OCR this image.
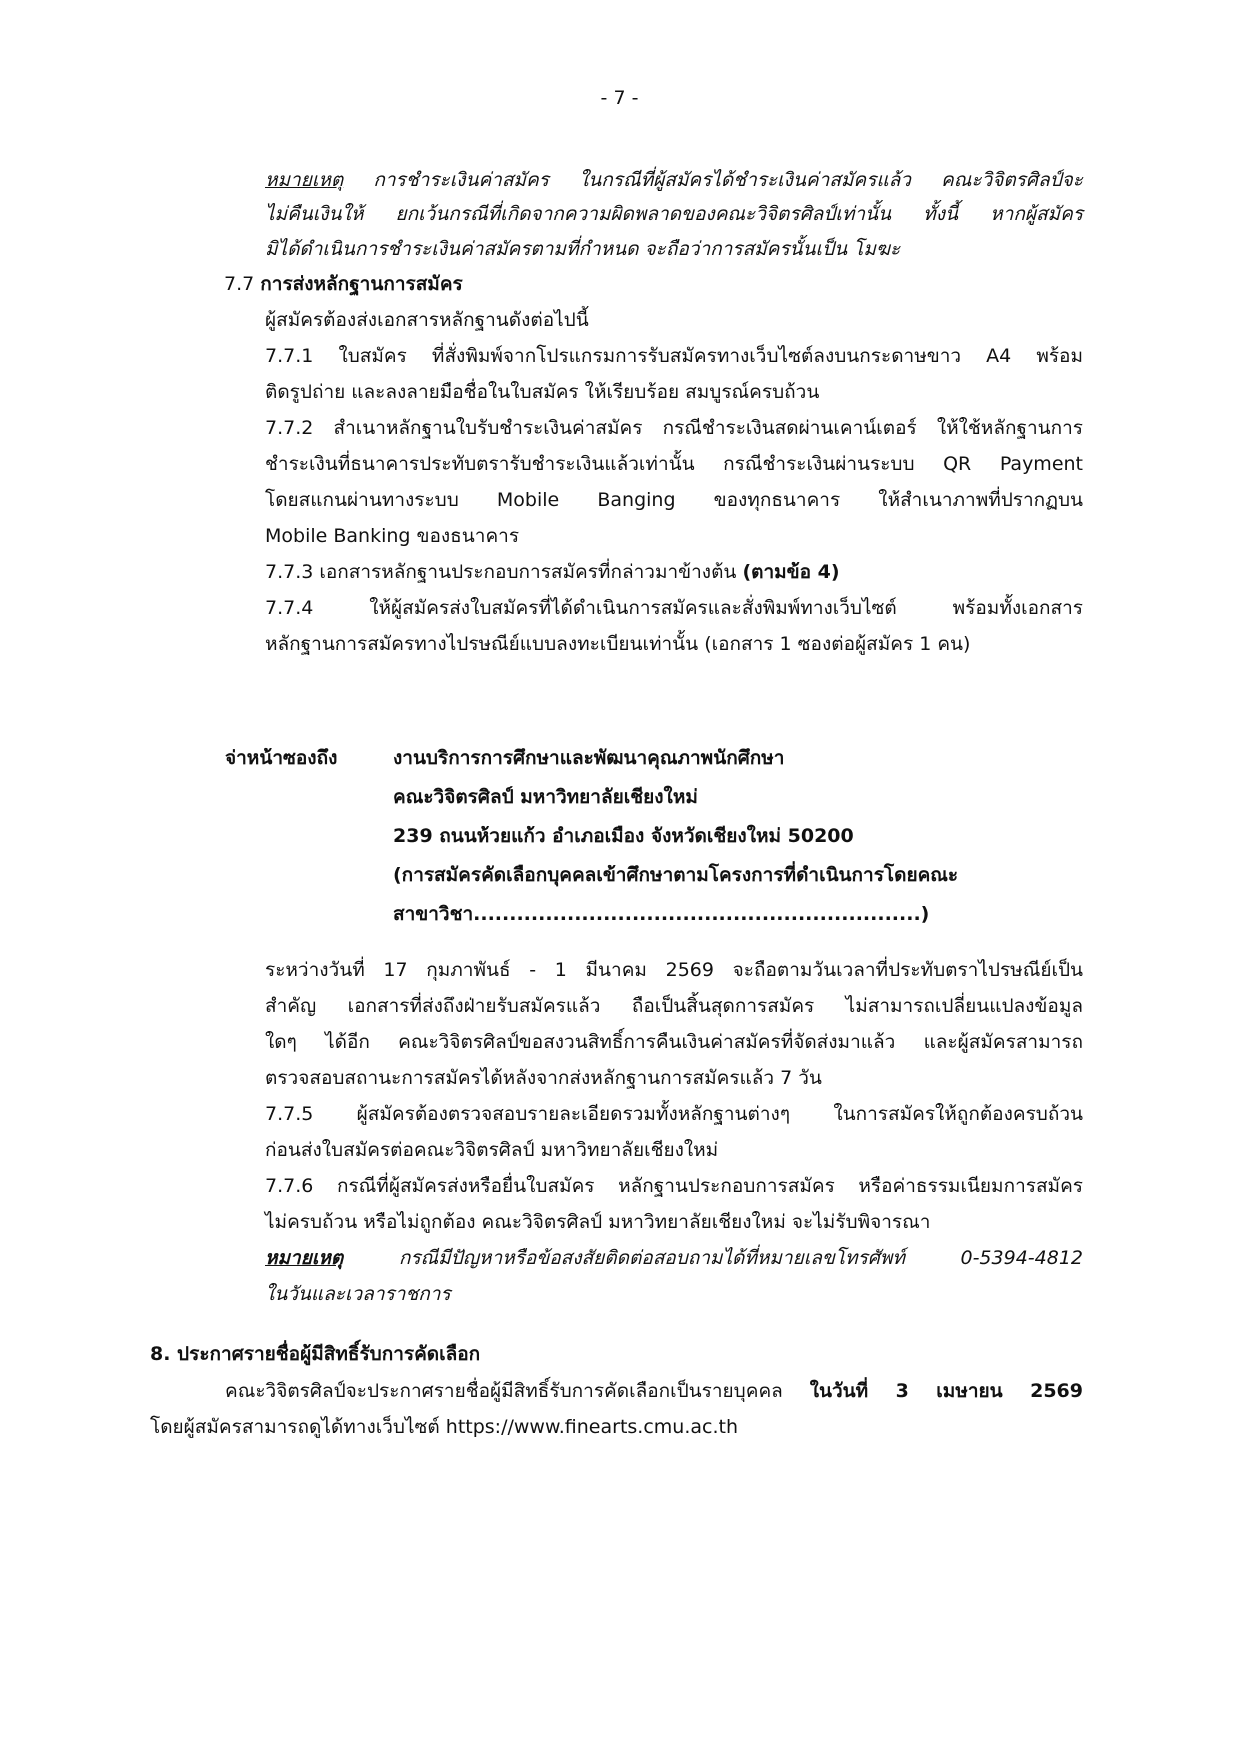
- 7 -
หมายเหตุ การชำระเงินค่าสมัคร ในกรณีที่ผู้สมัครได้ชำระเงินค่าสมัครแล้ว คณะวิจิตรศิลป์จะ
ไม่คืนเงินให้ ยกเว้นกรณีที่เกิดจากความผิดพลาดของคณะวิจิตรศิลป์เท่านั้น ทั้งนี้ หากผู้สมัคร
มิได้ดำเนินการชำระเงินค่าสมัครตามที่กำหนด จะถือว่าการสมัครนั้นเป็น โมฆะ
7.7 การส่งหลักฐานการสมัคร
ผู้สมัครต้องส่งเอกสารหลักฐานดังต่อไปนี้
7.7.1 ใบสมัคร ที่สั่งพิมพ์จากโปรแกรมการรับสมัครทางเว็บไซต์ลงบนกระดาษขาว A4 พร้อม
ติดรูปถ่าย และลงลายมือชื่อในใบสมัคร ให้เรียบร้อย สมบูรณ์ครบถ้วน
7.7.2 สำเนาหลักฐานใบรับชำระเงินค่าสมัคร กรณีชำระเงินสดผ่านเคาน์เตอร์ ให้ใช้หลักฐานการ
ชำระเงินที่ธนาคารประทับตรารับชำระเงินแล้วเท่านั้น กรณีชำระเงินผ่านระบบ QR Payment
โดยสแกนผ่านทางระบบ Mobile Banging ของทุกธนาคาร ให้สำเนาภาพที่ปรากฏบน
Mobile Banking ของธนาคาร
7.7.3 เอกสารหลักฐานประกอบการสมัครที่กล่าวมาข้างต้น (ตามข้อ 4)
7.7.4 ให้ผู้สมัครส่งใบสมัครที่ได้ดำเนินการสมัครและสั่งพิมพ์ทางเว็บไซต์ พร้อมทั้งเอกสาร
หลักฐานการสมัครทางไปรษณีย์แบบลงทะเบียนเท่านั้น (เอกสาร 1 ซองต่อผู้สมัคร 1 คน)
จ่าหน้าซองถึง	งานบริการการศึกษาและพัฒนาคุณภาพนักศึกษา
คณะวิจิตรศิลป์ มหาวิทยาลัยเชียงใหม่
239 ถนนห้วยแก้ว อำเภอเมือง จังหวัดเชียงใหม่ 50200
(การสมัครคัดเลือกบุคคลเข้าศึกษาตามโครงการที่ดำเนินการโดยคณะ
สาขาวิชา..............................................................)
ระหว่างวันที่ 17 กุมภาพันธ์ - 1 มีนาคม 2569 จะถือตามวันเวลาที่ประทับตราไปรษณีย์เป็น
สำคัญ เอกสารที่ส่งถึงฝ่ายรับสมัครแล้ว ถือเป็นสิ้นสุดการสมัคร ไม่สามารถเปลี่ยนแปลงข้อมูล
ใดๆ ได้อีก คณะวิจิตรศิลป์ขอสงวนสิทธิ์การคืนเงินค่าสมัครที่จัดส่งมาแล้ว และผู้สมัครสามารถ
ตรวจสอบสถานะการสมัครได้หลังจากส่งหลักฐานการสมัครแล้ว 7 วัน
7.7.5 ผู้สมัครต้องตรวจสอบรายละเอียดรวมทั้งหลักฐานต่างๆ ในการสมัครให้ถูกต้องครบถ้วน
ก่อนส่งใบสมัครต่อคณะวิจิตรศิลป์ มหาวิทยาลัยเชียงใหม่
7.7.6 กรณีที่ผู้สมัครส่งหรือยื่นใบสมัคร หลักฐานประกอบการสมัคร หรือค่าธรรมเนียมการสมัคร
ไม่ครบถ้วน หรือไม่ถูกต้อง คณะวิจิตรศิลป์ มหาวิทยาลัยเชียงใหม่ จะไม่รับพิจารณา
หมายเหตุ กรณีมีปัญหาหรือข้อสงสัยติดต่อสอบถามได้ที่หมายเลขโทรศัพท์ 0-5394-4812
ในวันและเวลาราชการ
8. ประกาศรายชื่อผู้มีสิทธิ์รับการคัดเลือก
คณะวิจิตรศิลป์จะประกาศรายชื่อผู้มีสิทธิ์รับการคัดเลือกเป็นรายบุคคล ในวันที่ 3 เมษายน 2569
โดยผู้สมัครสามารถดูได้ทางเว็บไซต์ https://www.finearts.cmu.ac.th
